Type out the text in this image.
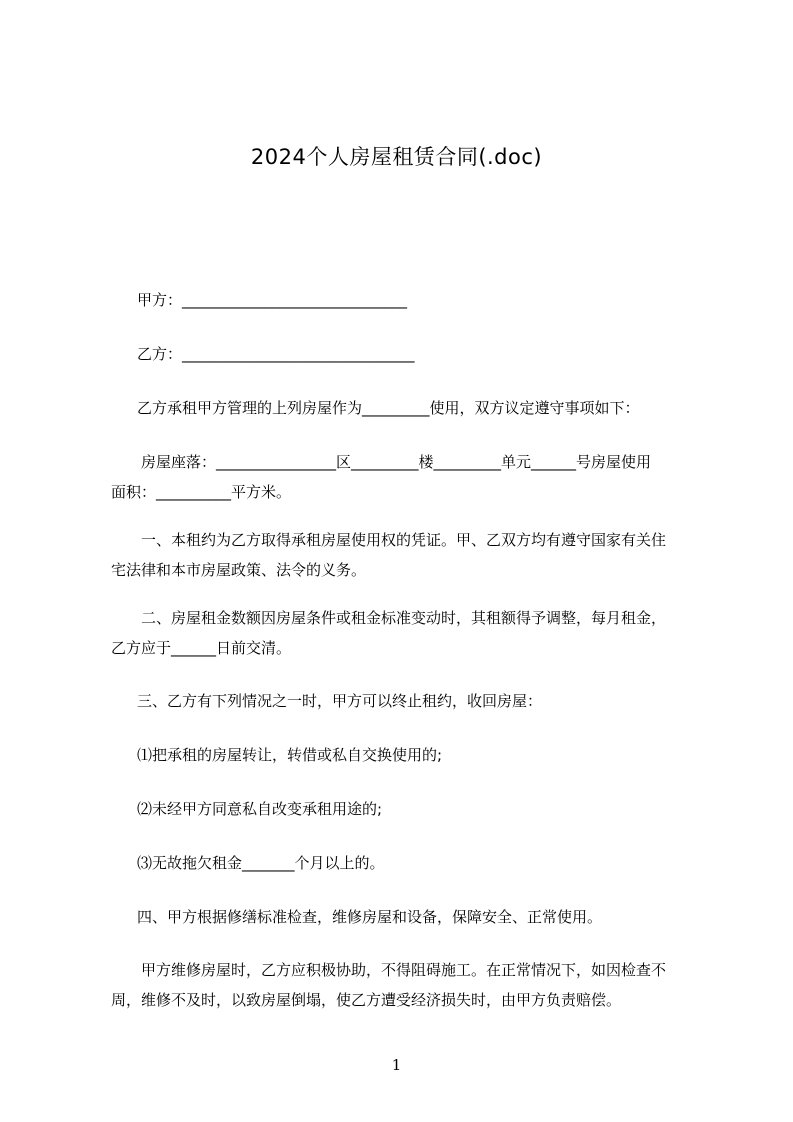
2024个人房屋租赁合同(.doc)
甲方：______________________________
乙方：_______________________________
乙方承租甲方管理的上列房屋作为_________使用，双方议定遵守事项如下：
房屋座落：________________区_________楼_________单元______号房屋使用
面积：__________平方米。
一、本租约为乙方取得承租房屋使用权的凭证。甲、乙双方均有遵守国家有关住
宅法律和本市房屋政策、法令的义务。
二、房屋租金数额因房屋条件或租金标准变动时，其租额得予调整，每月租金，
乙方应于______日前交清。
三、乙方有下列情况之一时，甲方可以终止租约，收回房屋：
⑴把承租的房屋转让，转借或私自交换使用的;
⑵未经甲方同意私自改变承租用途的;
⑶无故拖欠租金_______个月以上的。
四、甲方根据修缮标准检查，维修房屋和设备，保障安全、正常使用。
甲方维修房屋时，乙方应积极协助，不得阻碍施工。在正常情况下，如因检查不
周，维修不及时，以致房屋倒塌，使乙方遭受经济损失时，由甲方负责赔偿。
1
